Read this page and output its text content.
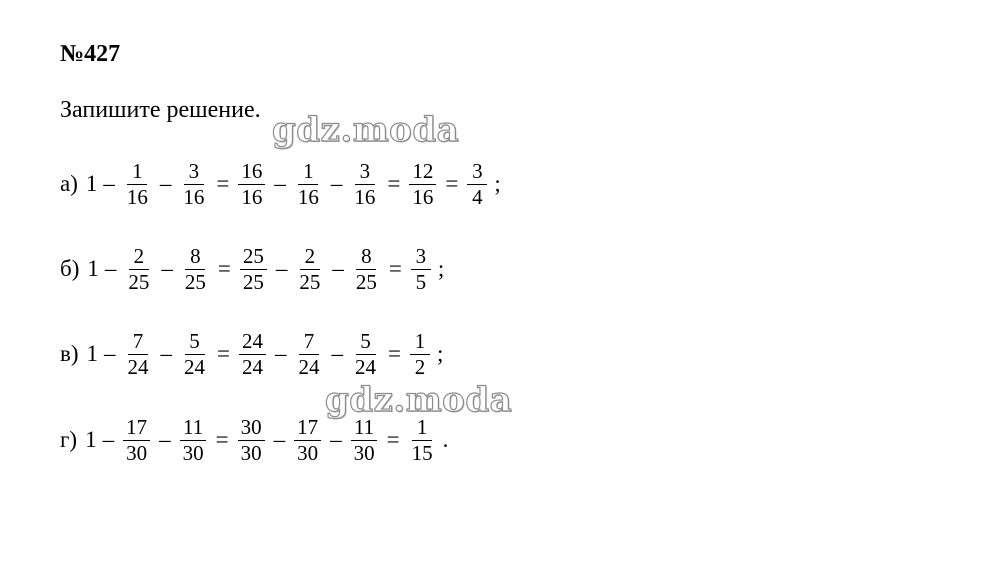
№427
Запишите решение.
а) $1 - \frac{1}{16} - \frac{3}{16} = \frac{16}{16} - \frac{1}{16} - \frac{3}{16} = \frac{12}{16} = \frac{3}{4}$ ;
б) $1 - \frac{2}{25} - \frac{8}{25} = \frac{25}{25} - \frac{2}{25} - \frac{8}{25} = \frac{3}{5}$ ;
в) $1 - \frac{7}{24} - \frac{5}{24} = \frac{24}{24} - \frac{7}{24} - \frac{5}{24} = \frac{1}{2}$ ;
г) $1 - \frac{17}{30} - \frac{11}{30} = \frac{30}{30} - \frac{17}{30} - \frac{11}{30} = \frac{1}{15}$ .
gdz.moda
gdz.moda
